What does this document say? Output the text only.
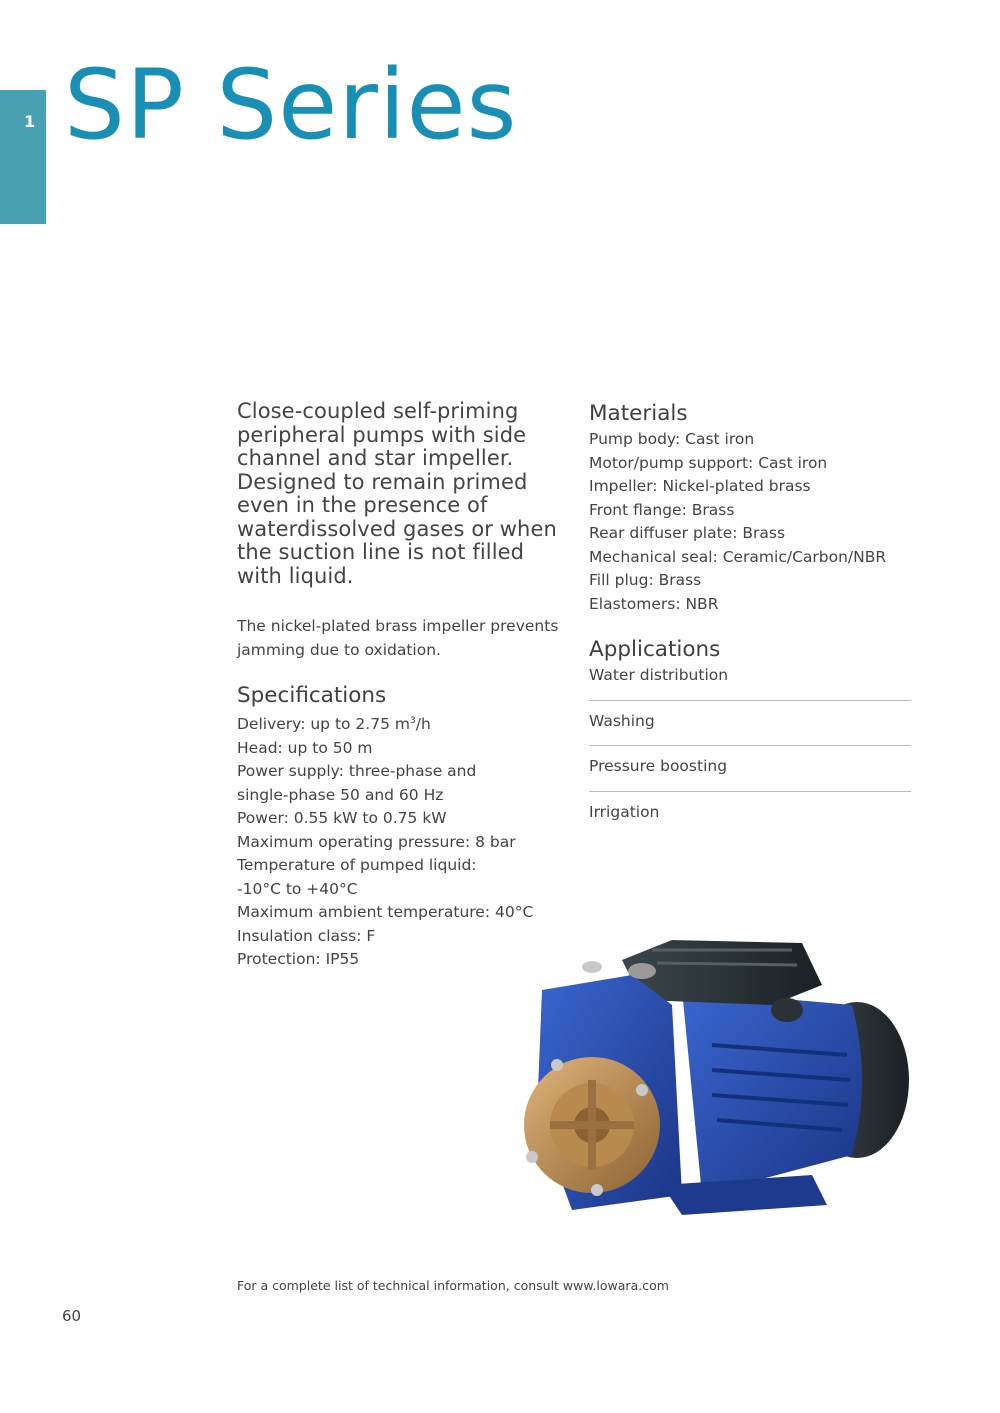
1 SP Series

Close-coupled self-priming peripheral pumps with side channel and star impeller. Designed to remain primed even in the presence of waterdissolved gases or when the suction line is not filled with liquid.

The nickel-plated brass impeller prevents jamming due to oxidation.

Specifications
Delivery: up to 2.75 $m^3/h$
Head: up to 50 m
Power supply: three-phase and
single-phase 50 and 60 Hz
Power: 0.55 kW to 0.75 kW
Maximum operating pressure: 8 bar
Temperature of pumped liquid:
-10°C to +40°C
Maximum ambient temperature: 40°C
Insulation class: F
Protection: IP55
Materials
Pump body: Cast iron
Motor/pump support: Cast iron
Impeller: Nickel-plated brass
Front flange: Brass
Rear diffuser plate: Brass
Mechanical seal: Ceramic/Carbon/NBR
Fill plug: Brass
Elastomers: NBR
Applications
Water distribution
Washing
Pressure boosting
Irrigation
For a complete list of technical information, consult www.lowara.com
60
